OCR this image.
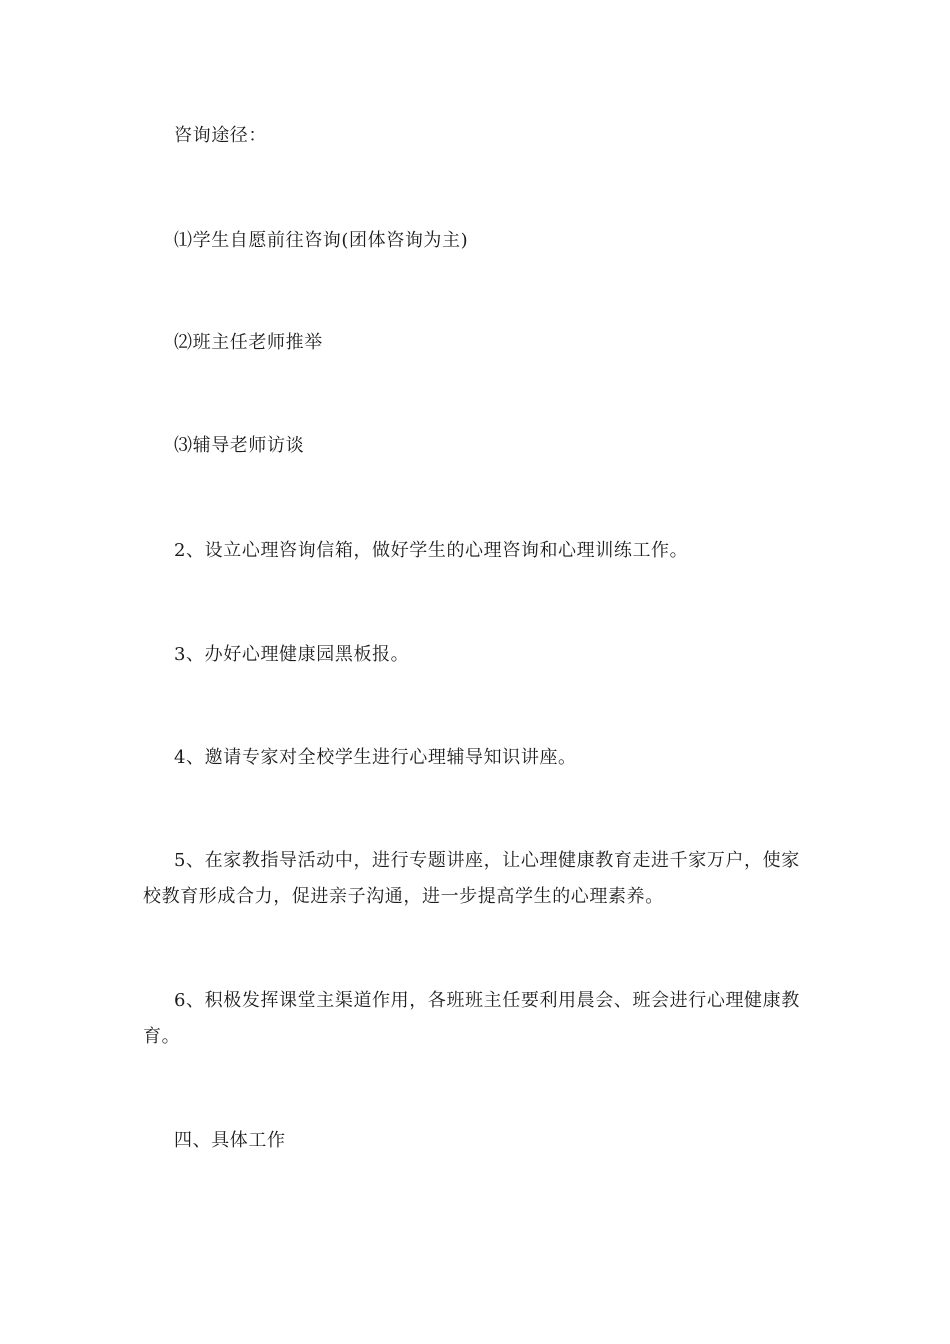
咨询途径：

⑴学生自愿前往咨询(团体咨询为主)

⑵班主任老师推举

⑶辅导老师访谈

2、设立心理咨询信箱，做好学生的心理咨询和心理训练工作。

3、办好心理健康园黑板报。

4、邀请专家对全校学生进行心理辅导知识讲座。

5、在家教指导活动中，进行专题讲座，让心理健康教育走进千家万户，使家校教育形成合力，促进亲子沟通，进一步提高学生的心理素养。

6、积极发挥课堂主渠道作用，各班班主任要利用晨会、班会进行心理健康教育。

四、具体工作
